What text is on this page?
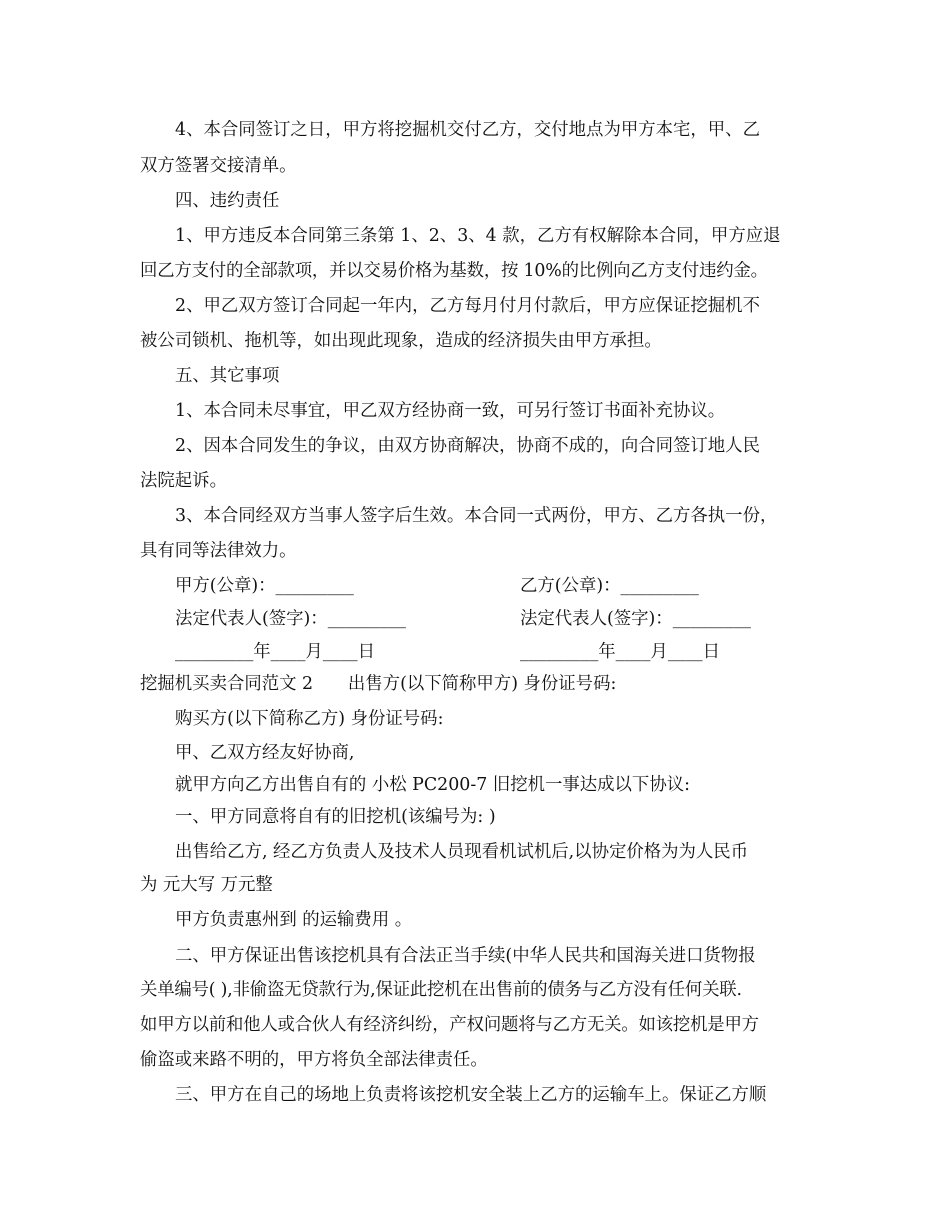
4、本合同签订之日，甲方将挖掘机交付乙方，交付地点为甲方本宅，甲、乙
双方签署交接清单。
四、违约责任
1、甲方违反本合同第三条第 1、2、3、4 款，乙方有权解除本合同，甲方应退
回乙方支付的全部款项，并以交易价格为基数，按 10%的比例向乙方支付违约金。
2、甲乙双方签订合同起一年内，乙方每月付月付款后，甲方应保证挖掘机不
被公司锁机、拖机等，如出现此现象，造成的经济损失由甲方承担。
五、其它事项
1、本合同未尽事宜，甲乙双方经协商一致，可另行签订书面补充协议。
2、因本合同发生的争议，由双方协商解决，协商不成的，向合同签订地人民
法院起诉。
3、本合同经双方当事人签字后生效。本合同一式两份，甲方、乙方各执一份，
具有同等法律效力。
甲方(公章)：_________	乙方(公章)：_________
法定代表人(签字)：_________	法定代表人(签字)：_________
_________年____月____日	_________年____月____日
挖掘机买卖合同范文 2　　出售方(以下简称甲方) 身份证号码:
购买方(以下简称乙方) 身份证号码:
甲、乙双方经友好协商,
就甲方向乙方出售自有的 小松 PC200-7 旧挖机一事达成以下协议:
一、甲方同意将自有的旧挖机(该编号为: )
出售给乙方, 经乙方负责人及技术人员现看机试机后,以协定价格为为人民币
为 元大写 万元整
甲方负责惠州到 的运输费用 。
二、甲方保证出售该挖机具有合法正当手续(中华人民共和国海关进口货物报
关单编号( ),非偷盗无贷款行为,保证此挖机在出售前的债务与乙方没有任何关联.
如甲方以前和他人或合伙人有经济纠纷，产权问题将与乙方无关。如该挖机是甲方
偷盗或来路不明的，甲方将负全部法律责任。
三、甲方在自己的场地上负责将该挖机安全装上乙方的运输车上。保证乙方顺
